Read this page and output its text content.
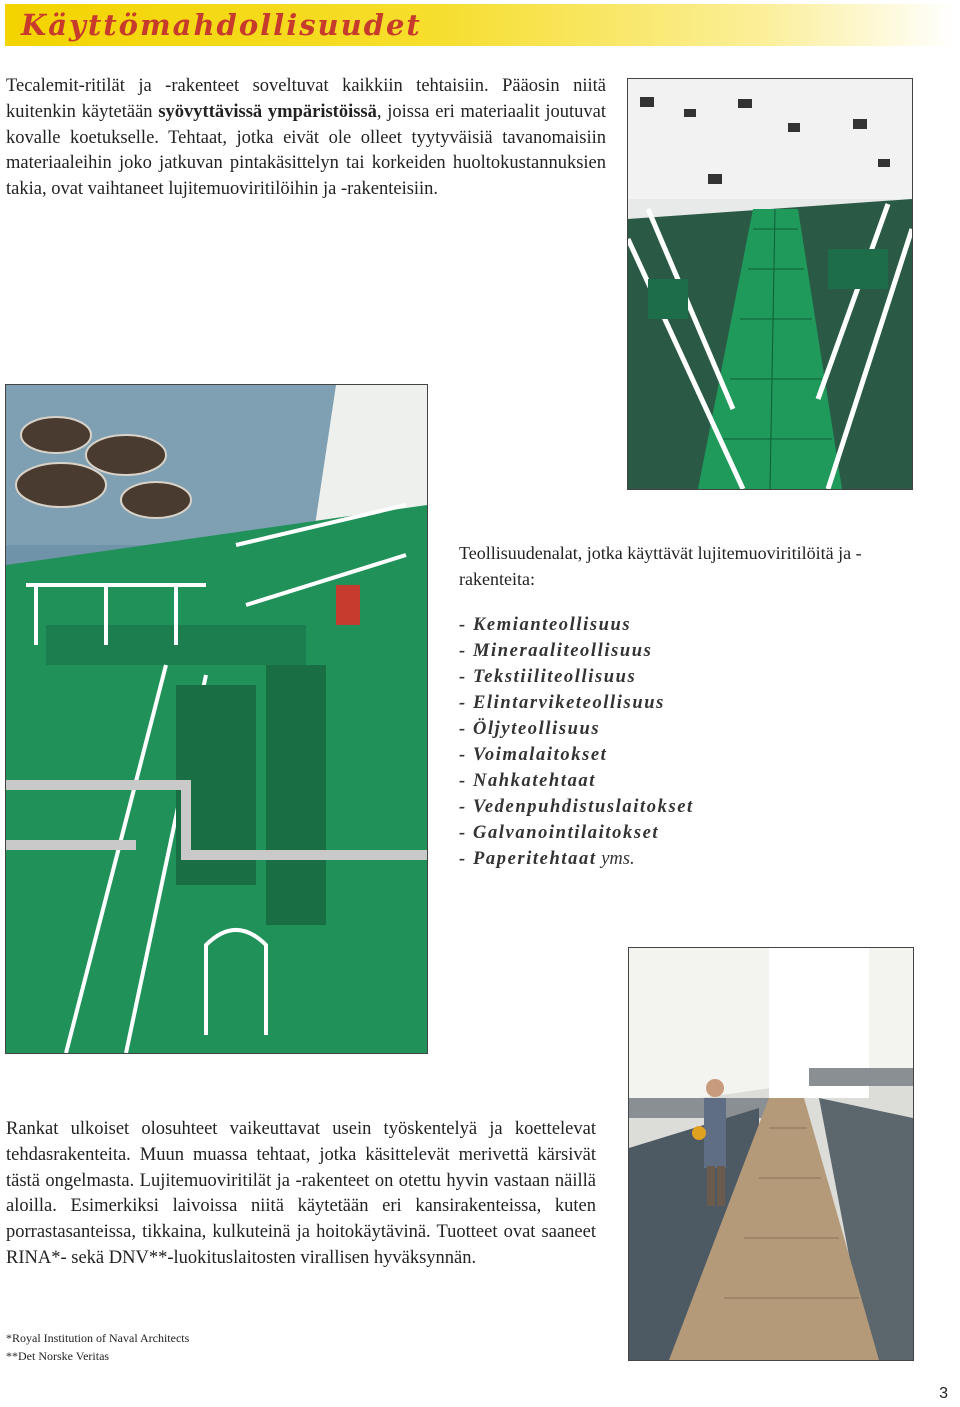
Käyttömahdollisuudet

Tecalemit-ritilät ja -rakenteet soveltuvat kaikkiin tehtaisiin. Pääosin niitä kuitenkin käytetään syövyttävissä ympäristöissä, joissa eri materiaalit joutuvat kovalle koetukselle. Tehtaat, jotka eivät ole olleet tyytyväisiä tavanomaisiin materiaaleihin joko jatkuvan pintakäsittelyn tai korkeiden huoltokustannuksien takia, ovat vaihtaneet lujitemuoviritilöihin ja -rakenteisiin.

Teollisuudenalat, jotka käyttävät lujitemuoviritilöitä ja -rakenteita:

- Kemianteollisuus
- Mineraaliteollisuus
- Tekstiiliteollisuus
- Elintarviketeollisuus
- Öljyteollisuus
- Voimalaitokset
- Nahkatehtaat
- Vedenpuhdistuslaitokset
- Galvanointilaitokset
- Paperitehtaat yms.

Rankat ulkoiset olosuhteet vaikeuttavat usein työskentelyä ja koettelevat tehdasrakenteita. Muun muassa tehtaat, jotka käsittelevät merivettä kärsivät tästä ongelmasta. Lujitemuoviritilät ja -rakenteet on otettu hyvin vastaan näillä aloilla. Esimerkiksi laivoissa niitä käytetään eri kansirakenteissa, kuten porrastasanteissa, tikkaina, kulkuteinä ja hoitokäytävinä. Tuotteet ovat saaneet RINA*- sekä DNV**-luokituslaitosten virallisen hyväksynnän.

*Royal Institution of Naval Architects
**Det Norske Veritas
3
